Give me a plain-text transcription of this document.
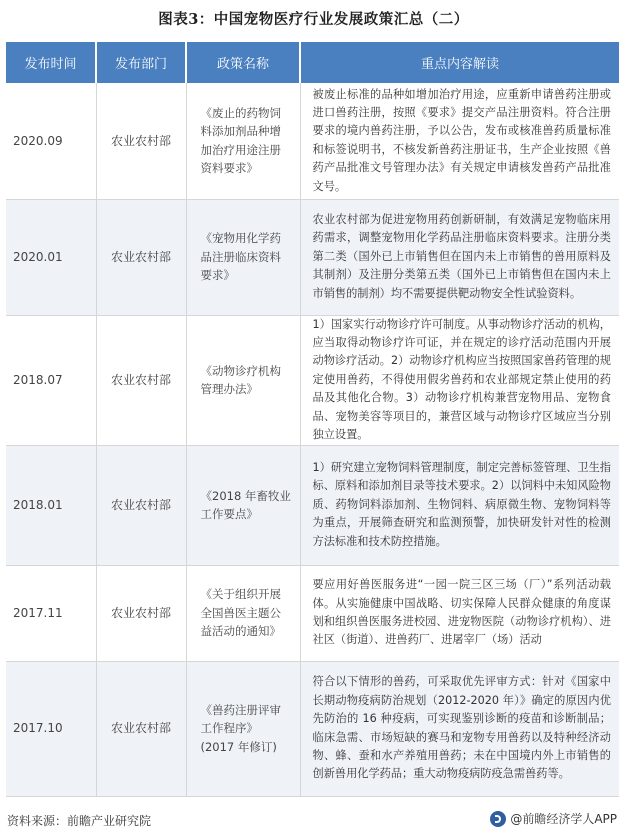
图表3：中国宠物医疗行业发展政策汇总（二）
发布时间	发布部门	政策名称	重点内容解读
2020.09	农业农村部	《废止的药物饲料添加剂品种增加治疗用途注册资料要求》	被废止标准的品种如增加治疗用途，应重新申请兽药注册或进口兽药注册，按照《要求》提交产品注册资料。符合注册要求的境内兽药注册，予以公告，发布或核准兽药质量标准和标签说明书，不核发新兽药注册证书，生产企业按照《兽药产品批准文号管理办法》有关规定申请核发兽药产品批准文号。
2020.01	农业农村部	《宠物用化学药品注册临床资料要求》	农业农村部为促进宠物用药创新研制，有效满足宠物临床用药需求，调整宠物用化学药品注册临床资料要求。注册分类第二类（国外已上市销售但在国内未上市销售的兽用原料及其制剂）及注册分类第五类（国外已上市销售但在国内未上市销售的制剂）均不需要提供靶动物安全性试验资料。
2018.07	农业农村部	《动物诊疗机构管理办法》	1）国家实行动物诊疗许可制度。从事动物诊疗活动的机构，应当取得动物诊疗许可证，并在规定的诊疗活动范围内开展动物诊疗活动。2）动物诊疗机构应当按照国家兽药管理的规定使用兽药，不得使用假劣兽药和农业部规定禁止使用的药品及其他化合物。3）动物诊疗机构兼营宠物用品、宠物食品、宠物美容等项目的，兼营区域与动物诊疗区域应当分别独立设置。
2018.01	农业农村部	《2018 年畜牧业工作要点》	1）研究建立宠物饲料管理制度，制定完善标签管理、卫生指标、原料和添加剂目录等技术要求。2）以饲料中未知风险物质、药物饲料添加剂、生物饲料、病原微生物、宠物饲料等为重点，开展筛查研究和监测预警，加快研发针对性的检测方法标准和技术防控措施。
2017.11	农业农村部	《关于组织开展全国兽医主题公益活动的通知》	要应用好兽医服务进“一园一院三区三场（厂）”系列活动载体。从实施健康中国战略、切实保障人民群众健康的角度谋划和组织兽医服务进校园、进宠物医院（动物诊疗机构）、进社区（街道）、进兽药厂、进屠宰厂（场）活动
2017.10	农业农村部	《兽药注册评审工作程序》(2017 年修订)	符合以下情形的兽药，可采取优先评审方式：针对《国家中长期动物疫病防治规划（2012-2020 年）》确定的原因内优先防治的 16 种疫病，可实现鉴别诊断的疫苗和诊断制品；临床急需、市场短缺的赛马和宠物专用兽药以及特种经济动物、蜂、蚕和水产养殖用兽药；未在中国境内外上市销售的创新兽用化学药品；重大动物疫病防疫急需兽药等。
资料来源：前瞻产业研究院	@前瞻经济学人APP
